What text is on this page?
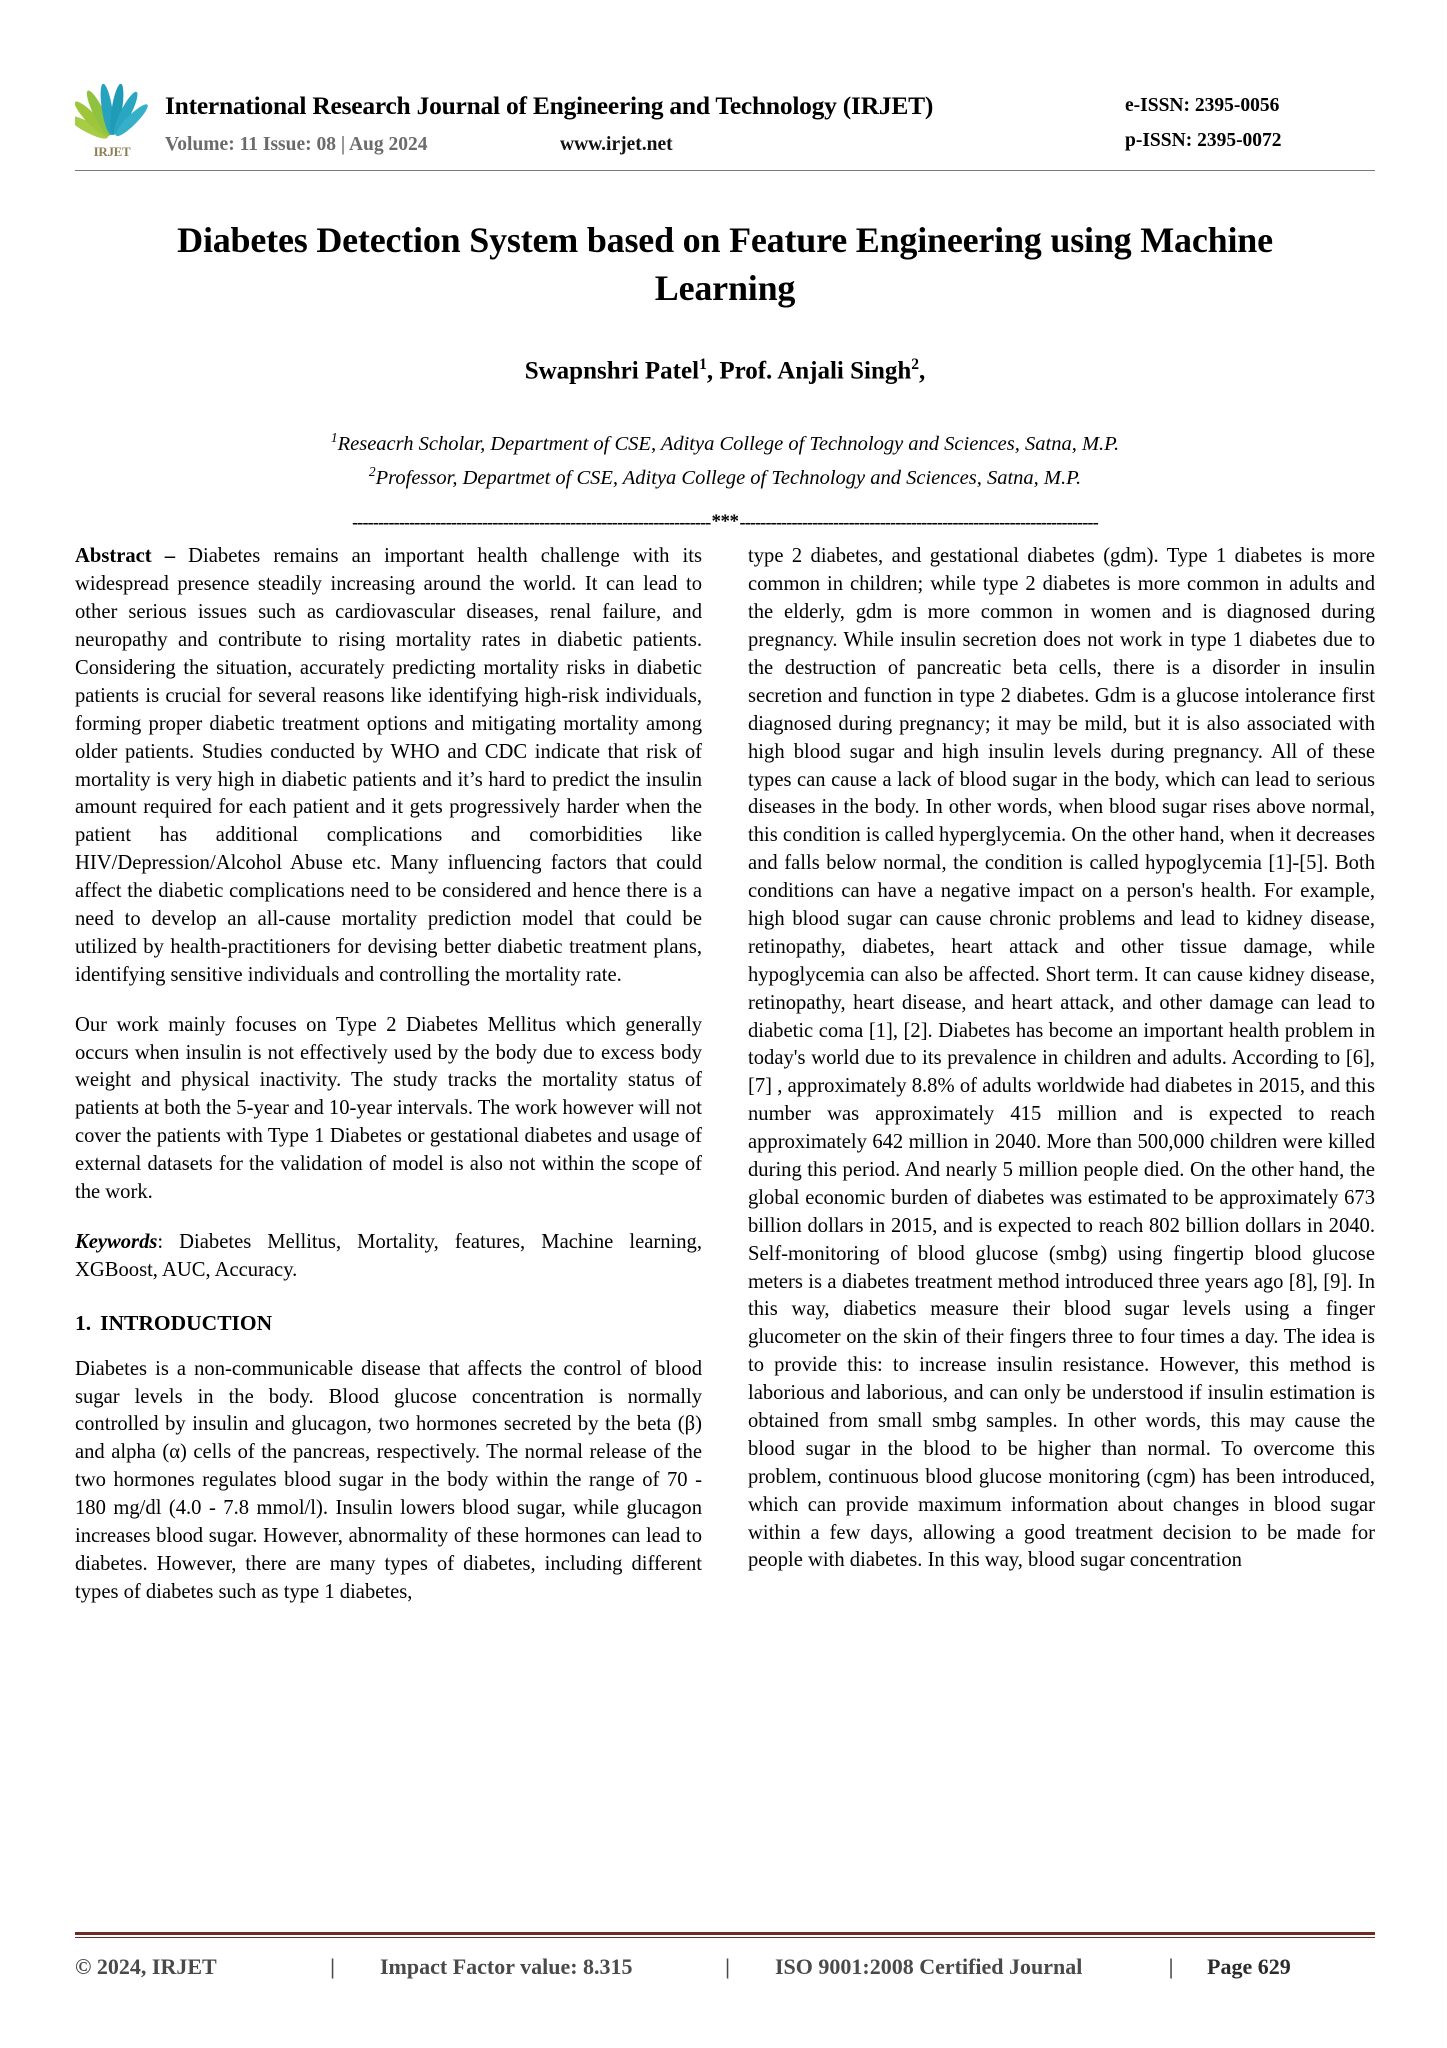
IRJET
International Research Journal of Engineering and Technology (IRJET)
Volume: 11 Issue: 08 | Aug 2024	www.irjet.net
e-ISSN: 2395-0056
p-ISSN: 2395-0072
Diabetes Detection System based on Feature Engineering using Machine Learning
Swapnshri Patel$^1$, Prof. Anjali Singh$^2$,
$^1$Reseacrh Scholar, Department of CSE, Aditya College of Technology and Sciences, Satna, M.P.
$^2$Professor, Departmet of CSE, Aditya College of Technology and Sciences, Satna, M.P.
--------------------------------------------------------------------- *** ---------------------------------------------------------------------

Abstract – Diabetes remains an important health challenge with its widespread presence steadily increasing around the world. It can lead to other serious issues such as cardiovascular diseases, renal failure, and neuropathy and contribute to rising mortality rates in diabetic patients. Considering the situation, accurately predicting mortality risks in diabetic patients is crucial for several reasons like identifying high-risk individuals, forming proper diabetic treatment options and mitigating mortality among older patients. Studies conducted by WHO and CDC indicate that risk of mortality is very high in diabetic patients and it’s hard to predict the insulin amount required for each patient and it gets progressively harder when the patient has additional complications and comorbidities like HIV/Depression/Alcohol Abuse etc. Many influencing factors that could affect the diabetic complications need to be considered and hence there is a need to develop an all-cause mortality prediction model that could be utilized by health-practitioners for devising better diabetic treatment plans, identifying sensitive individuals and controlling the mortality rate.

Our work mainly focuses on Type 2 Diabetes Mellitus which generally occurs when insulin is not effectively used by the body due to excess body weight and physical inactivity. The study tracks the mortality status of patients at both the 5-year and 10-year intervals. The work however will not cover the patients with Type 1 Diabetes or gestational diabetes and usage of external datasets for the validation of model is also not within the scope of the work.

Keywords: Diabetes Mellitus, Mortality, features, Machine learning, XGBoost, AUC, Accuracy.

1. INTRODUCTION

Diabetes is a non-communicable disease that affects the control of blood sugar levels in the body. Blood glucose concentration is normally controlled by insulin and glucagon, two hormones secreted by the beta (β) and alpha (α) cells of the pancreas, respectively. The normal release of the two hormones regulates blood sugar in the body within the range of 70 - 180 mg/dl (4.0 - 7.8 mmol/l). Insulin lowers blood sugar, while glucagon increases blood sugar. However, abnormality of these hormones can lead to diabetes. However, there are many types of diabetes, including different types of diabetes such as type 1 diabetes,

type 2 diabetes, and gestational diabetes (gdm). Type 1 diabetes is more common in children; while type 2 diabetes is more common in adults and the elderly, gdm is more common in women and is diagnosed during pregnancy. While insulin secretion does not work in type 1 diabetes due to the destruction of pancreatic beta cells, there is a disorder in insulin secretion and function in type 2 diabetes. Gdm is a glucose intolerance first diagnosed during pregnancy; it may be mild, but it is also associated with high blood sugar and high insulin levels during pregnancy. All of these types can cause a lack of blood sugar in the body, which can lead to serious diseases in the body. In other words, when blood sugar rises above normal, this condition is called hyperglycemia. On the other hand, when it decreases and falls below normal, the condition is called hypoglycemia [1]-[5]. Both conditions can have a negative impact on a person's health. For example, high blood sugar can cause chronic problems and lead to kidney disease, retinopathy, diabetes, heart attack and other tissue damage, while hypoglycemia can also be affected. Short term. It can cause kidney disease, retinopathy, heart disease, and heart attack, and other damage can lead to diabetic coma [1], [2]. Diabetes has become an important health problem in today's world due to its prevalence in children and adults. According to [6], [7] , approximately 8.8% of adults worldwide had diabetes in 2015, and this number was approximately 415 million and is expected to reach approximately 642 million in 2040. More than 500,000 children were killed during this period. And nearly 5 million people died. On the other hand, the global economic burden of diabetes was estimated to be approximately 673 billion dollars in 2015, and is expected to reach 802 billion dollars in 2040. Self-monitoring of blood glucose (smbg) using fingertip blood glucose meters is a diabetes treatment method introduced three years ago [8], [9]. In this way, diabetics measure their blood sugar levels using a finger glucometer on the skin of their fingers three to four times a day. The idea is to provide this: to increase insulin resistance. However, this method is laborious and laborious, and can only be understood if insulin estimation is obtained from small smbg samples. In other words, this may cause the blood sugar in the blood to be higher than normal. To overcome this problem, continuous blood glucose monitoring (cgm) has been introduced, which can provide maximum information about changes in blood sugar within a few days, allowing a good treatment decision to be made for people with diabetes. In this way, blood sugar concentration

© 2024, IRJET	|	Impact Factor value: 8.315	|	ISO 9001:2008 Certified Journal	|	Page 629
